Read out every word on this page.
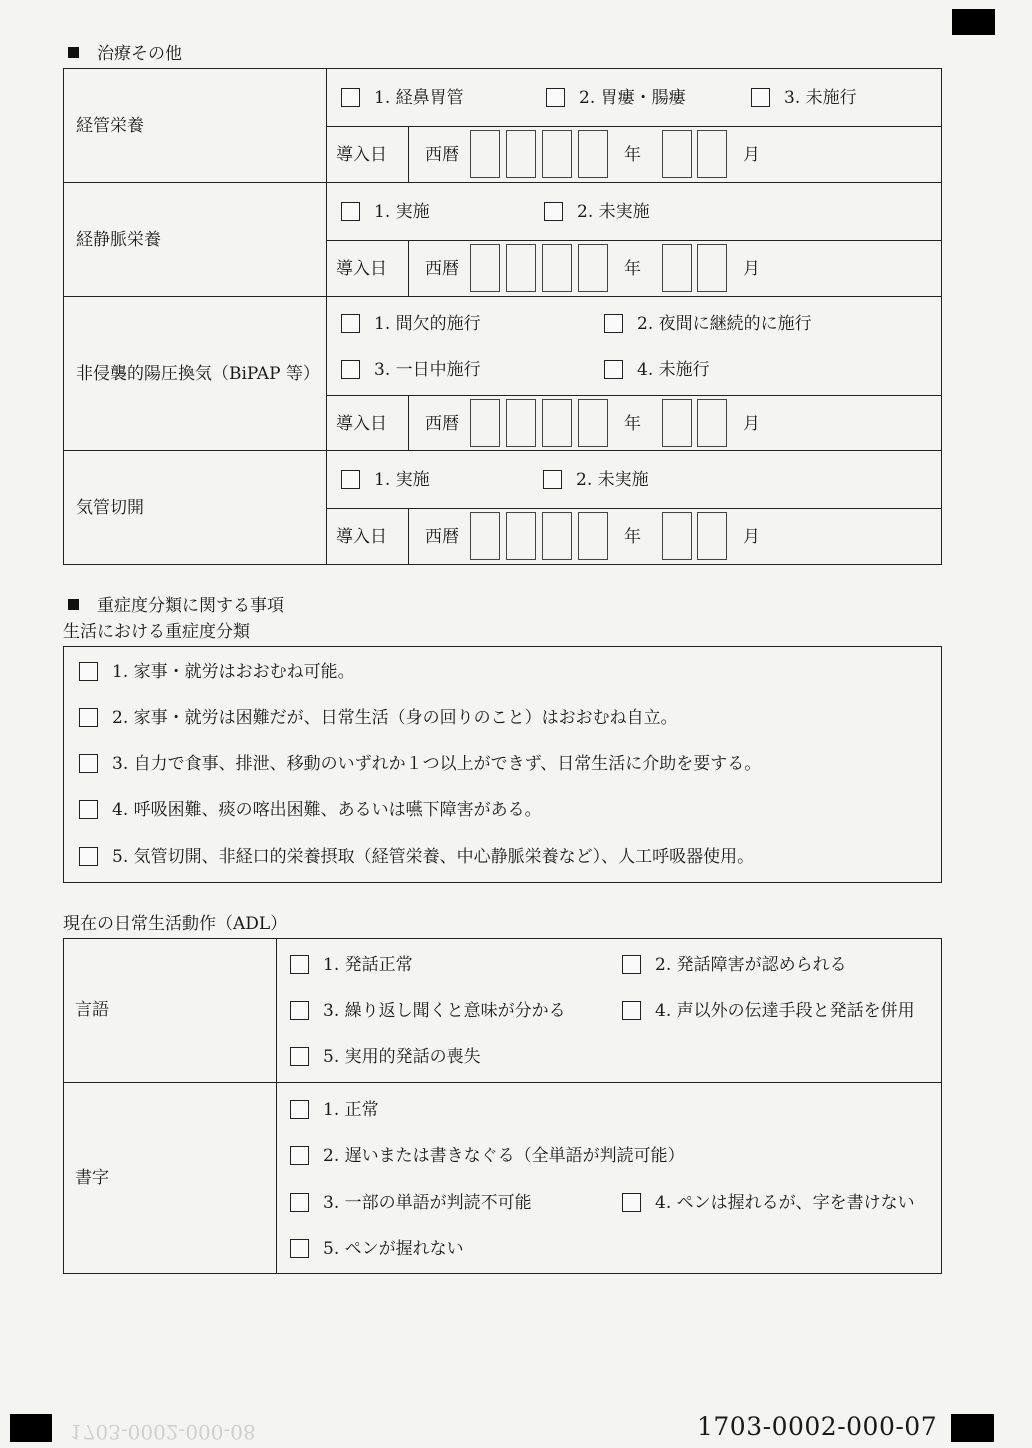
治療その他
経管栄養
1. 経鼻胃管	2. 胃瘻・腸瘻	3. 未施行
導入日 西暦	年	月
経静脈栄養
1. 実施	2. 未実施
導入日 西暦	年	月
非侵襲的陽圧換気（BiPAP 等）
1. 間欠的施行	2. 夜間に継続的に施行
3. 一日中施行	4. 未施行
導入日 西暦	年	月
気管切開
1. 実施	2. 未実施
導入日 西暦	年	月
重症度分類に関する事項
生活における重症度分類
1. 家事・就労はおおむね可能。
2. 家事・就労は困難だが、日常生活（身の回りのこと）はおおむね自立。
3. 自力で食事、排泄、移動のいずれか１つ以上ができず、日常生活に介助を要する。
4. 呼吸困難、痰の喀出困難、あるいは嚥下障害がある。
5. 気管切開、非経口的栄養摂取（経管栄養、中心静脈栄養など）、人工呼吸器使用。
現在の日常生活動作（ADL）
言語
1. 発話正常	2. 発話障害が認められる
3. 繰り返し聞くと意味が分かる	4. 声以外の伝達手段と発話を併用
5. 実用的発話の喪失
書字
1. 正常
2. 遅いまたは書きなぐる（全単語が判読可能）
3. 一部の単語が判読不可能	4. ペンは握れるが、字を書けない
5. ペンが握れない
1703-0002-000-08	1703-0002-000-07
